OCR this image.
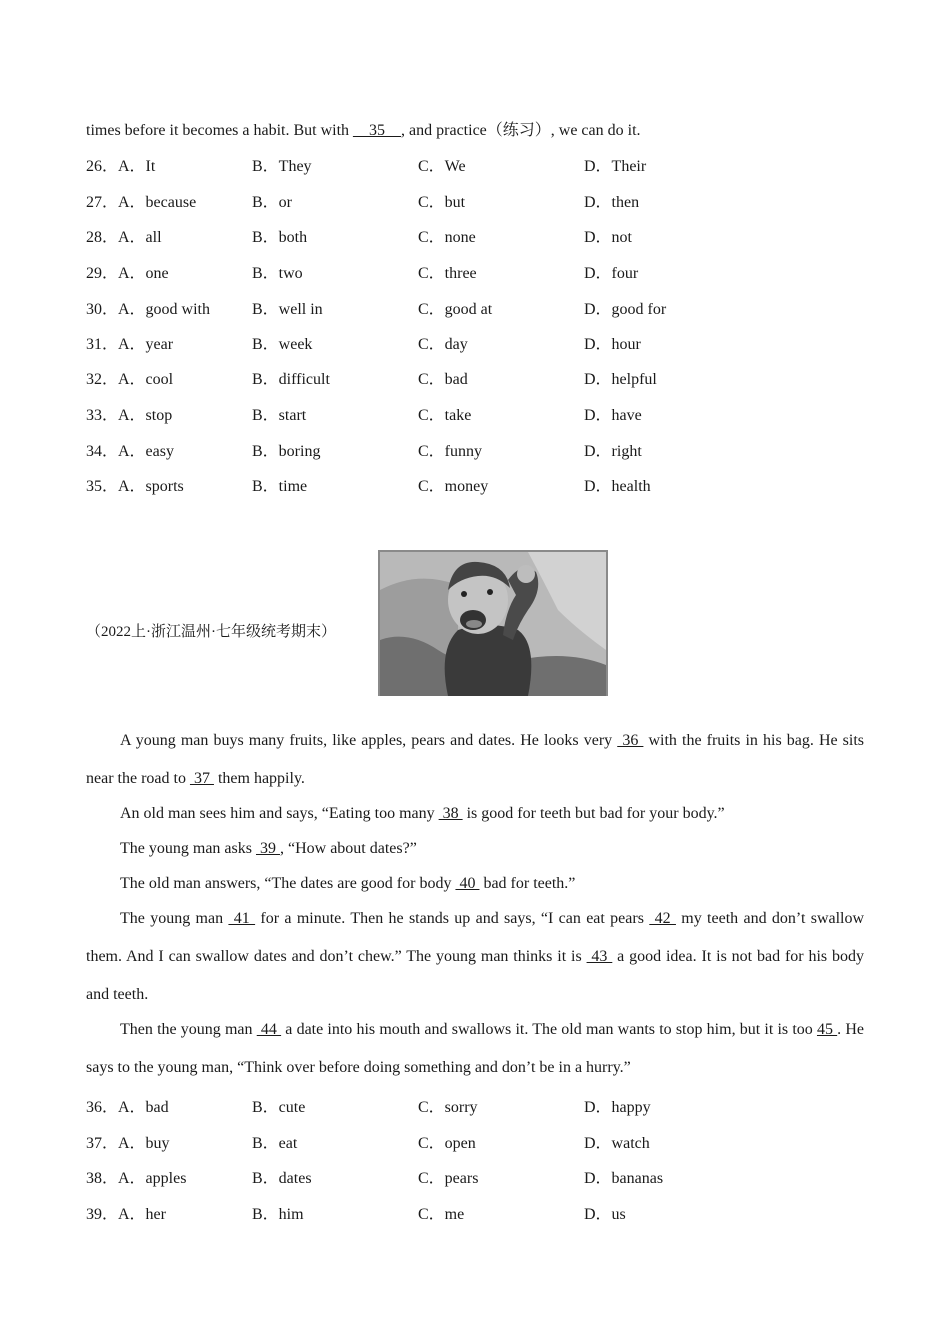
times before it becomes a habit. But with __35__, and practice（练习）, we can do it.
26．A．It	B．They	C．We	D．Their
27．A．because	B．or	C．but	D．then
28．A．all	B．both	C．none	D．not
29．A．one	B．two	C．three	D．four
30．A．good with	B．well in	C．good at	D．good for
31．A．year	B．week	C．day	D．hour
32．A．cool	B．difficult	C．bad	D．helpful
33．A．stop	B．start	C．take	D．have
34．A．easy	B．boring	C．funny	D．right
35．A．sports	B．time	C．money	D．health
（2022上·浙江温州·七年级统考期末）
A young man buys many fruits, like apples, pears and dates. He looks very  36  with the fruits in his bag. He sits near the road to  37  them happily.
An old man sees him and says, “Eating too many  38  is good for teeth but bad for your body.”
The young man asks  39 , “How about dates?”
The old man answers, “The dates are good for body  40  bad for teeth.”
The young man  41  for a minute. Then he stands up and says, “I can eat pears  42  my teeth and don’t swallow them. And I can swallow dates and don’t chew.” The young man thinks it is  43  a good idea. It is not bad for his body and teeth.
Then the young man  44  a date into his mouth and swallows it. The old man wants to stop him, but it is too 45 . He says to the young man, “Think over before doing something and don’t be in a hurry.”
36．A．bad	B．cute	C．sorry	D．happy
37．A．buy	B．eat	C．open	D．watch
38．A．apples	B．dates	C．pears	D．bananas
39．A．her	B．him	C．me	D．us
